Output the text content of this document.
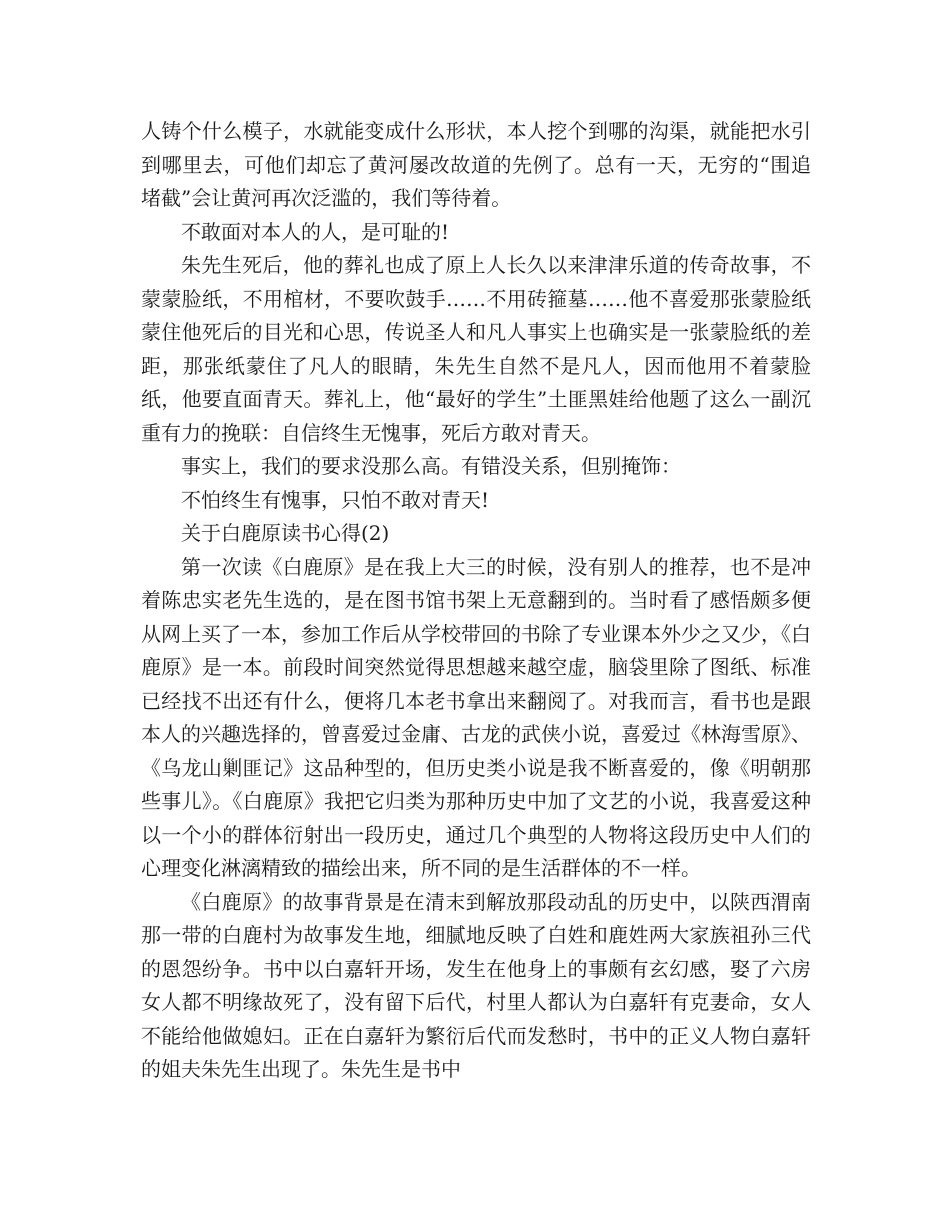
人铸个什么模子，水就能变成什么形状，本人挖个到哪的沟渠，就能把水引到哪里去，可他们却忘了黄河屡改故道的先例了。总有一天，无穷的“围追堵截”会让黄河再次泛滥的，我们等待着。

不敢面对本人的人，是可耻的!

朱先生死后，他的葬礼也成了原上人长久以来津津乐道的传奇故事，不蒙蒙脸纸，不用棺材，不要吹鼓手……不用砖箍墓……他不喜爱那张蒙脸纸蒙住他死后的目光和心思，传说圣人和凡人事实上也确实是一张蒙脸纸的差距，那张纸蒙住了凡人的眼睛，朱先生自然不是凡人，因而他用不着蒙脸纸，他要直面青天。葬礼上，他“最好的学生”土匪黑娃给他题了这么一副沉重有力的挽联：自信终生无愧事，死后方敢对青天。

事实上，我们的要求没那么高。有错没关系，但别掩饰：

不怕终生有愧事，只怕不敢对青天!

关于白鹿原读书心得(2)

第一次读《白鹿原》是在我上大三的时候，没有别人的推荐，也不是冲着陈忠实老先生选的，是在图书馆书架上无意翻到的。当时看了感悟颇多便从网上买了一本，参加工作后从学校带回的书除了专业课本外少之又少，《白鹿原》是一本。前段时间突然觉得思想越来越空虚，脑袋里除了图纸、标准已经找不出还有什么，便将几本老书拿出来翻阅了。对我而言，看书也是跟本人的兴趣选择的，曾喜爱过金庸、古龙的武侠小说，喜爱过《林海雪原》、《乌龙山剿匪记》这品种型的，但历史类小说是我不断喜爱的，像《明朝那些事儿》。《白鹿原》我把它归类为那种历史中加了文艺的小说，我喜爱这种以一个小的群体衍射出一段历史，通过几个典型的人物将这段历史中人们的心理变化淋漓精致的描绘出来，所不同的是生活群体的不一样。

《白鹿原》的故事背景是在清末到解放那段动乱的历史中，以陕西渭南那一带的白鹿村为故事发生地，细腻地反映了白姓和鹿姓两大家族祖孙三代的恩怨纷争。书中以白嘉轩开场，发生在他身上的事颇有玄幻感，娶了六房女人都不明缘故死了，没有留下后代，村里人都认为白嘉轩有克妻命，女人不能给他做媳妇。正在白嘉轩为繁衍后代而发愁时，书中的正义人物白嘉轩的姐夫朱先生出现了。朱先生是书中
